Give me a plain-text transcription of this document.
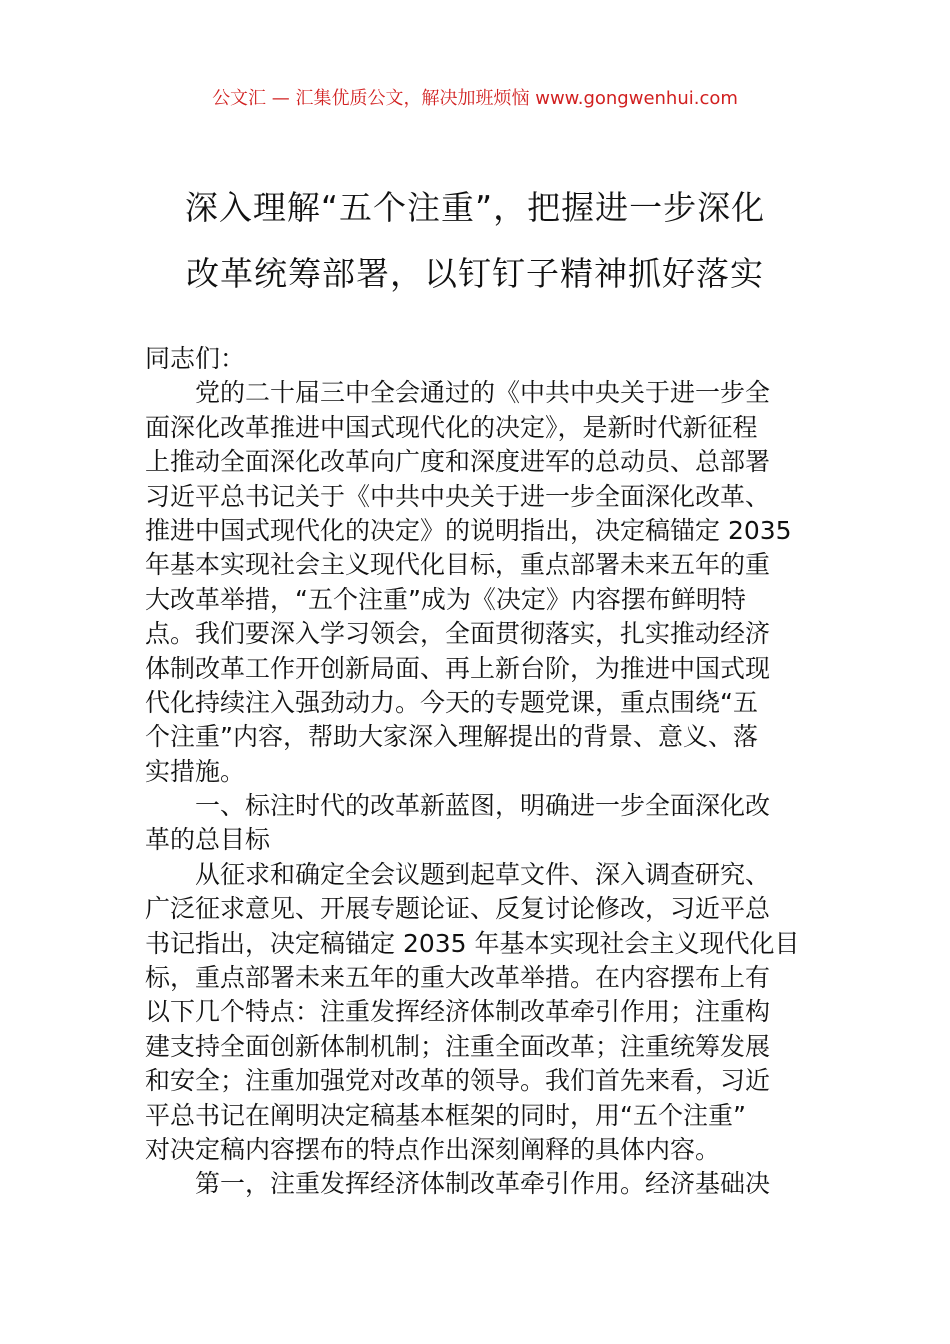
公文汇 — 汇集优质公文，解决加班烦恼 www.gongwenhui.com
深入理解“五个注重”，把握进一步深化
改革统筹部署，以钉钉子精神抓好落实
同志们：
党的二十届三中全会通过的《中共中央关于进一步全
面深化改革推进中国式现代化的决定》，是新时代新征程
上推动全面深化改革向广度和深度进军的总动员、总部署
习近平总书记关于《中共中央关于进一步全面深化改革、
推进中国式现代化的决定》的说明指出，决定稿锚定 2035
年基本实现社会主义现代化目标，重点部署未来五年的重
大改革举措，“五个注重”成为《决定》内容摆布鲜明特
点。我们要深入学习领会，全面贯彻落实，扎实推动经济
体制改革工作开创新局面、再上新台阶，为推进中国式现
代化持续注入强劲动力。今天的专题党课，重点围绕“五
个注重”内容，帮助大家深入理解提出的背景、意义、落
实措施。
一、标注时代的改革新蓝图，明确进一步全面深化改
革的总目标
从征求和确定全会议题到起草文件、深入调查研究、
广泛征求意见、开展专题论证、反复讨论修改，习近平总
书记指出，决定稿锚定 2035 年基本实现社会主义现代化目
标，重点部署未来五年的重大改革举措。在内容摆布上有
以下几个特点：注重发挥经济体制改革牵引作用；注重构
建支持全面创新体制机制；注重全面改革；注重统筹发展
和安全；注重加强党对改革的领导。我们首先来看，习近
平总书记在阐明决定稿基本框架的同时，用“五个注重”
对决定稿内容摆布的特点作出深刻阐释的具体内容。
第一，注重发挥经济体制改革牵引作用。经济基础决
